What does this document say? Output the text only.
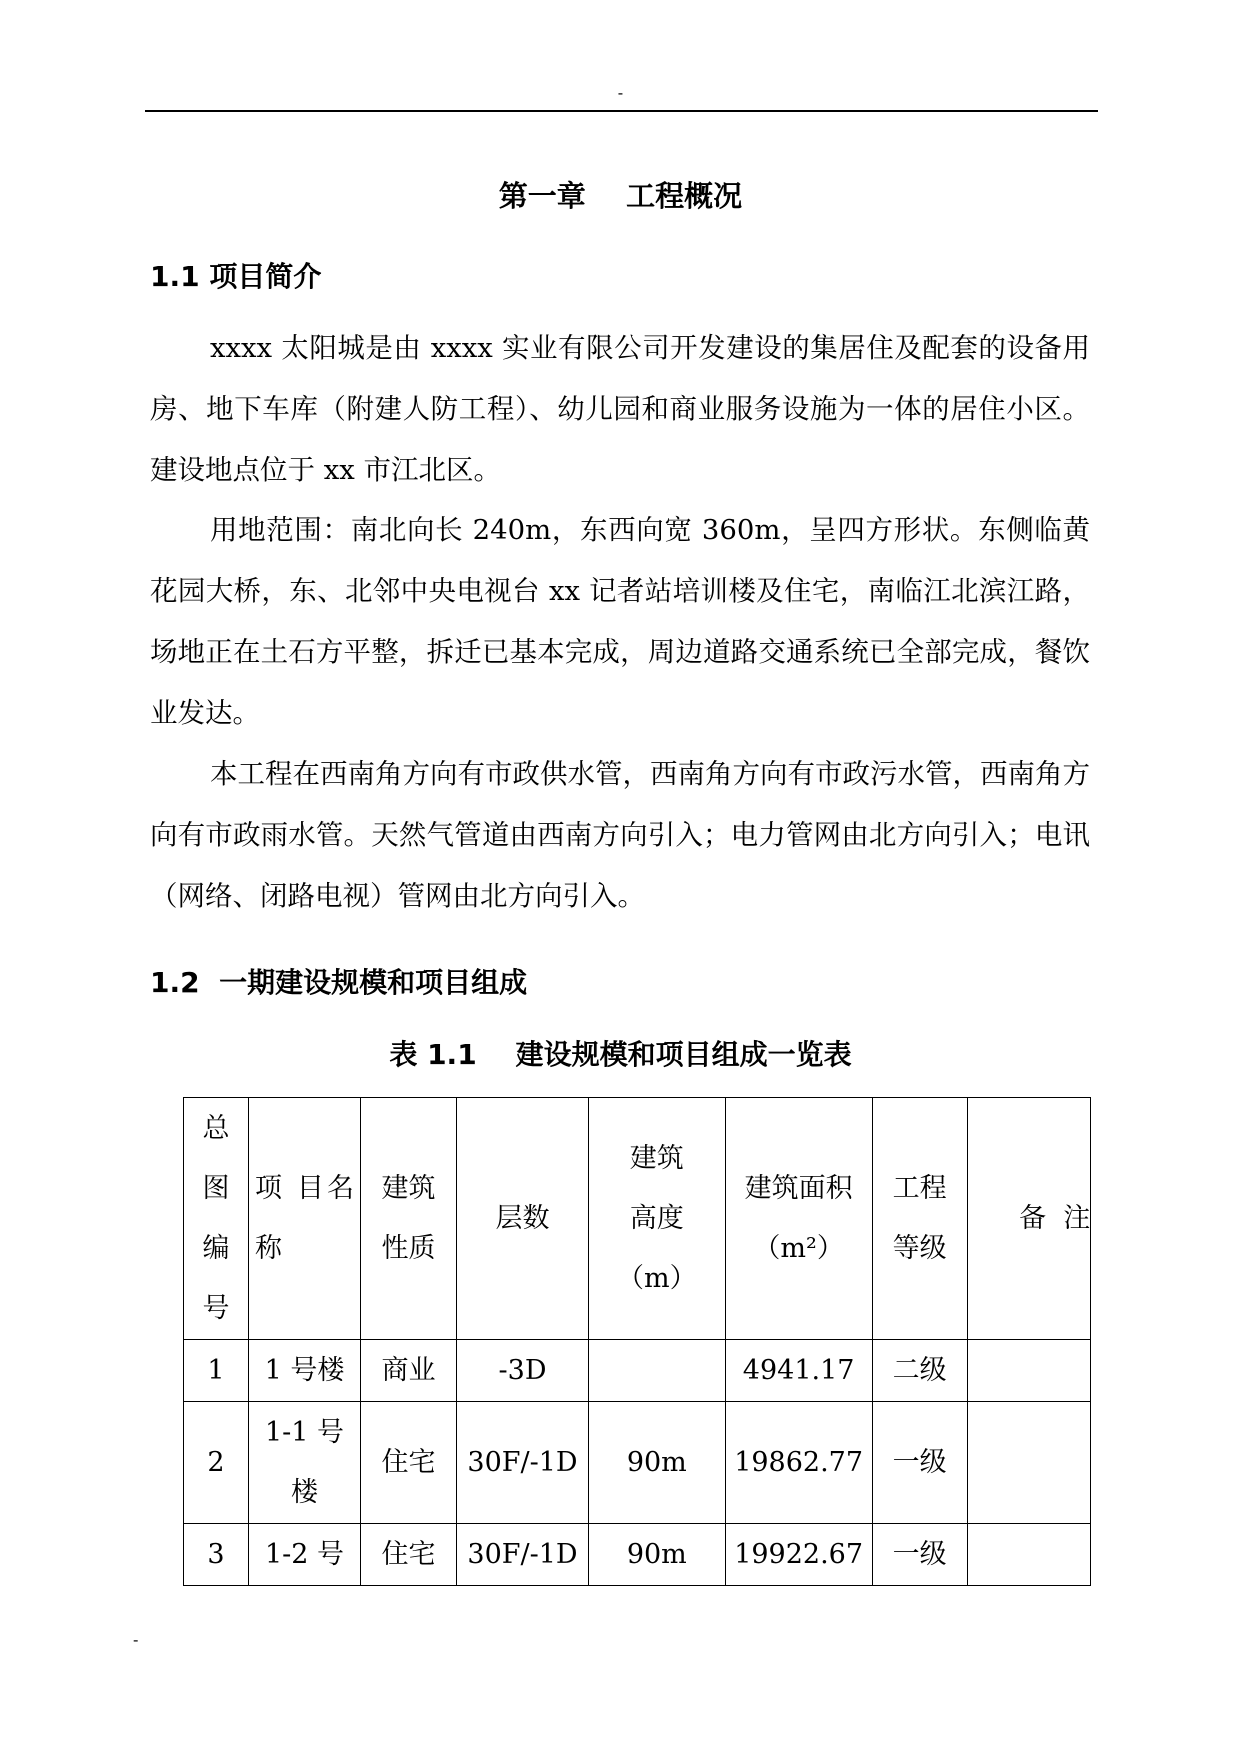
-
第一章    工程概况
1.1 项目简介

xxxx 太阳城是由 xxxx 实业有限公司开发建设的集居住及配套的设备用房、地下车库（附建人防工程）、幼儿园和商业服务设施为一体的居住小区。建设地点位于 xx 市江北区。

用地范围：南北向长 240m，东西向宽 360m，呈四方形状。东侧临黄花园大桥，东、北邻中央电视台 xx 记者站培训楼及住宅，南临江北滨江路，场地正在土石方平整，拆迁已基本完成，周边道路交通系统已全部完成，餐饮业发达。

本工程在西南角方向有市政供水管，西南角方向有市政污水管，西南角方向有市政雨水管。天然气管道由西南方向引入；电力管网由北方向引入；电讯（网络、闭路电视）管网由北方向引入。

1.2  一期建设规模和项目组成
表 1.1    建设规模和项目组成一览表
总图编号	项 目名 称	建筑性质	层数	建筑高度（m）	建筑面积（m²）	工程等级	备  注

1	1 号楼	商业	-3D		4941.17	二级	
2	1-1 号楼	住宅	30F/-1D	90m	19862.77	一级	
3	1-2 号	住宅	30F/-1D	90m	19922.67	一级	
-
